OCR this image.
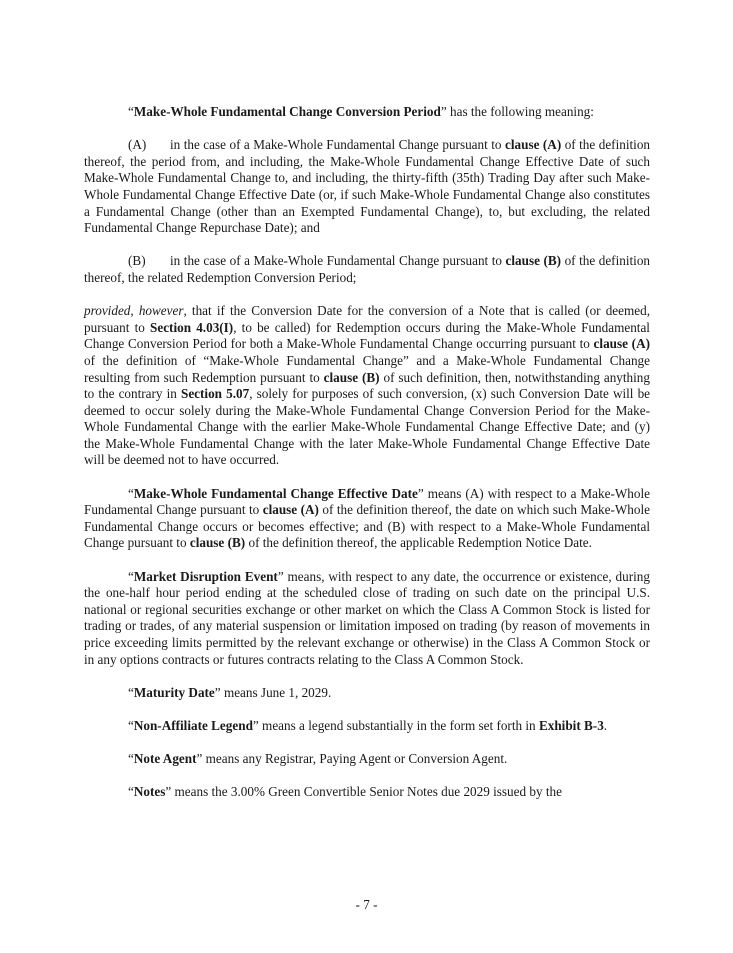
“Make-Whole Fundamental Change Conversion Period” has the following meaning:

(A) in the case of a Make-Whole Fundamental Change pursuant to clause (A) of the definition thereof, the period from, and including, the Make-Whole Fundamental Change Effective Date of such Make-Whole Fundamental Change to, and including, the thirty-fifth (35th) Trading Day after such Make-Whole Fundamental Change Effective Date (or, if such Make-Whole Fundamental Change also constitutes a Fundamental Change (other than an Exempted Fundamental Change), to, but excluding, the related Fundamental Change Repurchase Date); and

(B) in the case of a Make-Whole Fundamental Change pursuant to clause (B) of the definition thereof, the related Redemption Conversion Period;

provided, however, that if the Conversion Date for the conversion of a Note that is called (or deemed, pursuant to Section 4.03(I), to be called) for Redemption occurs during the Make-Whole Fundamental Change Conversion Period for both a Make-Whole Fundamental Change occurring pursuant to clause (A) of the definition of “Make-Whole Fundamental Change” and a Make-Whole Fundamental Change resulting from such Redemption pursuant to clause (B) of such definition, then, notwithstanding anything to the contrary in Section 5.07, solely for purposes of such conversion, (x) such Conversion Date will be deemed to occur solely during the Make-Whole Fundamental Change Conversion Period for the Make-Whole Fundamental Change with the earlier Make-Whole Fundamental Change Effective Date; and (y) the Make-Whole Fundamental Change with the later Make-Whole Fundamental Change Effective Date will be deemed not to have occurred.

“Make-Whole Fundamental Change Effective Date” means (A) with respect to a Make-Whole Fundamental Change pursuant to clause (A) of the definition thereof, the date on which such Make-Whole Fundamental Change occurs or becomes effective; and (B) with respect to a Make-Whole Fundamental Change pursuant to clause (B) of the definition thereof, the applicable Redemption Notice Date.

“Market Disruption Event” means, with respect to any date, the occurrence or existence, during the one-half hour period ending at the scheduled close of trading on such date on the principal U.S. national or regional securities exchange or other market on which the Class A Common Stock is listed for trading or trades, of any material suspension or limitation imposed on trading (by reason of movements in price exceeding limits permitted by the relevant exchange or otherwise) in the Class A Common Stock or in any options contracts or futures contracts relating to the Class A Common Stock.

“Maturity Date” means June 1, 2029.

“Non-Affiliate Legend” means a legend substantially in the form set forth in Exhibit B-3.

“Note Agent” means any Registrar, Paying Agent or Conversion Agent.

“Notes” means the 3.00% Green Convertible Senior Notes due 2029 issued by the

- 7 -
